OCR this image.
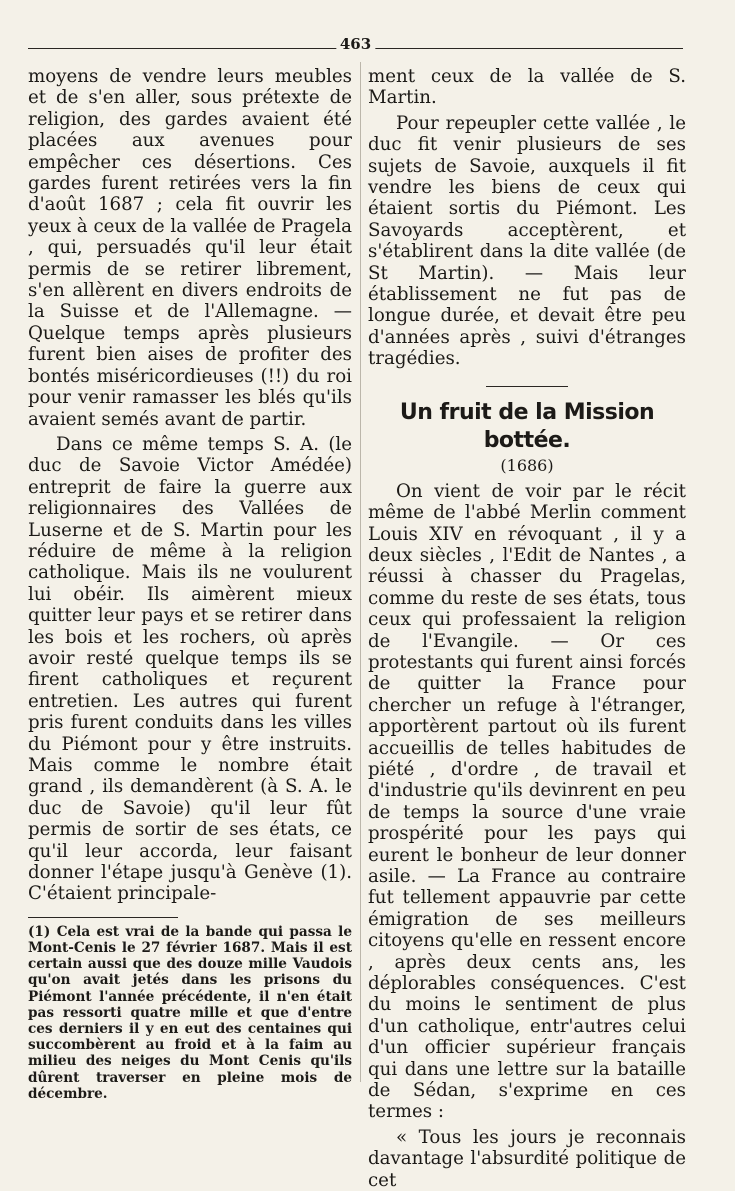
463

moyens de vendre leurs meubles et de s'en aller, sous prétexte de religion, des gardes avaient été placées aux avenues pour empêcher ces désertions. Ces gardes furent retirées vers la fin d'août 1687 ; cela fit ouvrir les yeux à ceux de la vallée de Pragela , qui, persuadés qu'il leur était permis de se retirer librement, s'en allèrent en divers endroits de la Suisse et de l'Allemagne. — Quelque temps après plusieurs furent bien aises de profiter des bontés miséricordieuses (!!) du roi pour venir ramasser les blés qu'ils avaient semés avant de partir.

Dans ce même temps S. A. (le duc de Savoie Victor Amédée) entreprit de faire la guerre aux religionnaires des Vallées de Luserne et de S. Martin pour les réduire de même à la religion catholique. Mais ils ne voulurent lui obéir. Ils aimèrent mieux quitter leur pays et se retirer dans les bois et les rochers, où après avoir resté quelque temps ils se firent catholiques et reçurent entretien. Les autres qui furent pris furent conduits dans les villes du Piémont pour y être instruits. Mais comme le nombre était grand , ils demandèrent (à S. A. le duc de Savoie) qu'il leur fût permis de sortir de ses états, ce qu'il leur accorda, leur faisant donner l'étape jusqu'à Genève (1). C'étaient principale-

(1) Cela est vrai de la bande qui passa le Mont-Cenis le 27 février 1687. Mais il est certain aussi que des douze mille Vaudois qu'on avait jetés dans les prisons du Piémont l'année précédente, il n'en était pas ressorti quatre mille et que d'entre ces derniers il y en eut des centaines qui succombèrent au froid et à la faim au milieu des neiges du Mont Cenis qu'ils dûrent traverser en pleine mois de décembre.

ment ceux de la vallée de S. Martin.

Pour repeupler cette vallée , le duc fit venir plusieurs de ses sujets de Savoie, auxquels il fit vendre les biens de ceux qui étaient sortis du Piémont. Les Savoyards acceptèrent, et s'établirent dans la dite vallée (de St Martin). — Mais leur établissement ne fut pas de longue durée, et devait être peu d'années après , suivi d'étranges tragédies.

Un fruit de la Mission bottée.
(1686)

On vient de voir par le récit même de l'abbé Merlin comment Louis XIV en révoquant , il y a deux siècles , l'Edit de Nantes , a réussi à chasser du Pragelas, comme du reste de ses états, tous ceux qui professaient la religion de l'Evangile. — Or ces protestants qui furent ainsi forcés de quitter la France pour chercher un refuge à l'étranger, apportèrent partout où ils furent accueillis de telles habitudes de piété , d'ordre , de travail et d'industrie qu'ils devinrent en peu de temps la source d'une vraie prospérité pour les pays qui eurent le bonheur de leur donner asile. — La France au contraire fut tellement appauvrie par cette émigration de ses meilleurs citoyens qu'elle en ressent encore , après deux cents ans, les déplorables conséquences. C'est du moins le sentiment de plus d'un catholique, entr'autres celui d'un officier supérieur français qui dans une lettre sur la bataille de Sédan, s'exprime en ces termes :

« Tous les jours je reconnais davantage l'absurdité politique de cet
